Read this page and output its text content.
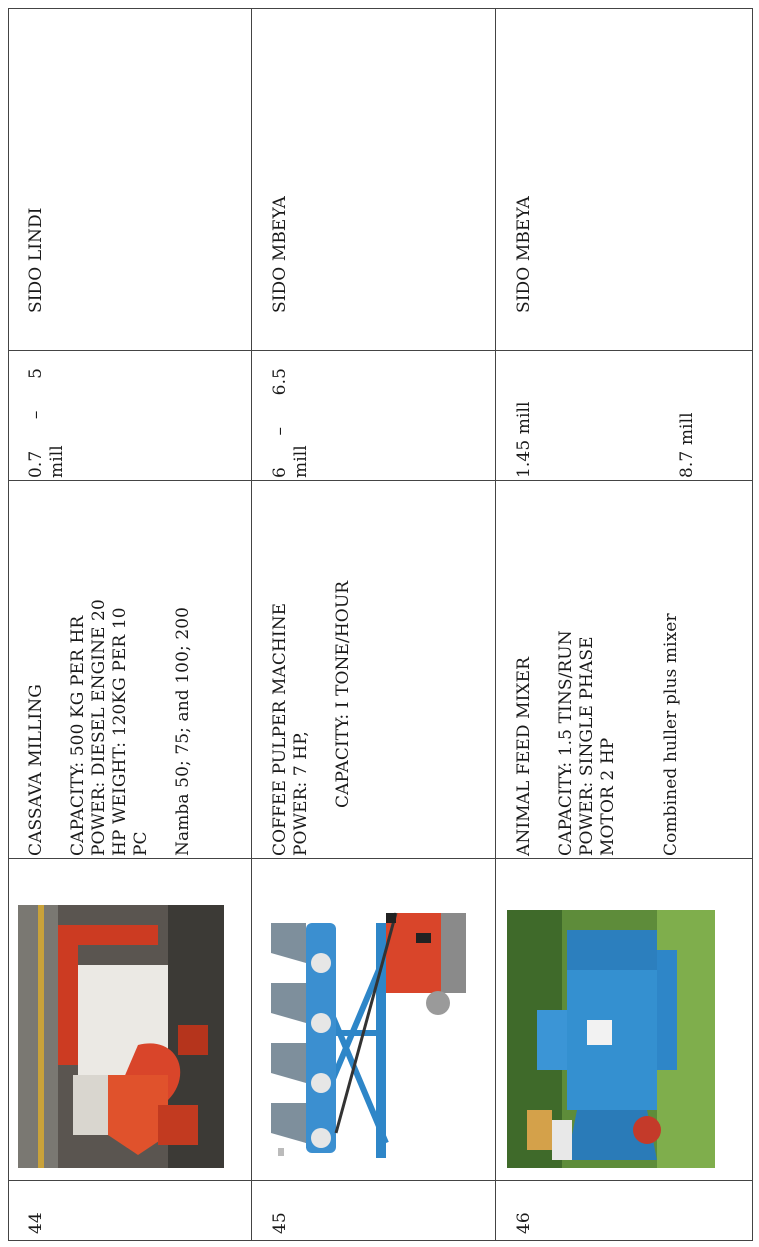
44
CASSAVA MILLING CAPACITY: 500 KG PER HR POWER: DIESEL ENGINE 20 HP WEIGHT: 120KG PER 10 PC Namba 50; 75; and 100; 200
0.7
–
5
mill
SIDO LINDI
45
COFFEE PULPER MACHINE POWER: 7 HP, CAPACITY: I TONE/HOUR
6
–
6.5
mill
SIDO MBEYA
46
ANIMAL FEED MIXER CAPACITY: 1.5 TINS/RUN POWER: SINGLE PHASE MOTOR 2 HP	Combined huller plus mixer
1.45 mill	8.7 mill
SIDO MBEYA
